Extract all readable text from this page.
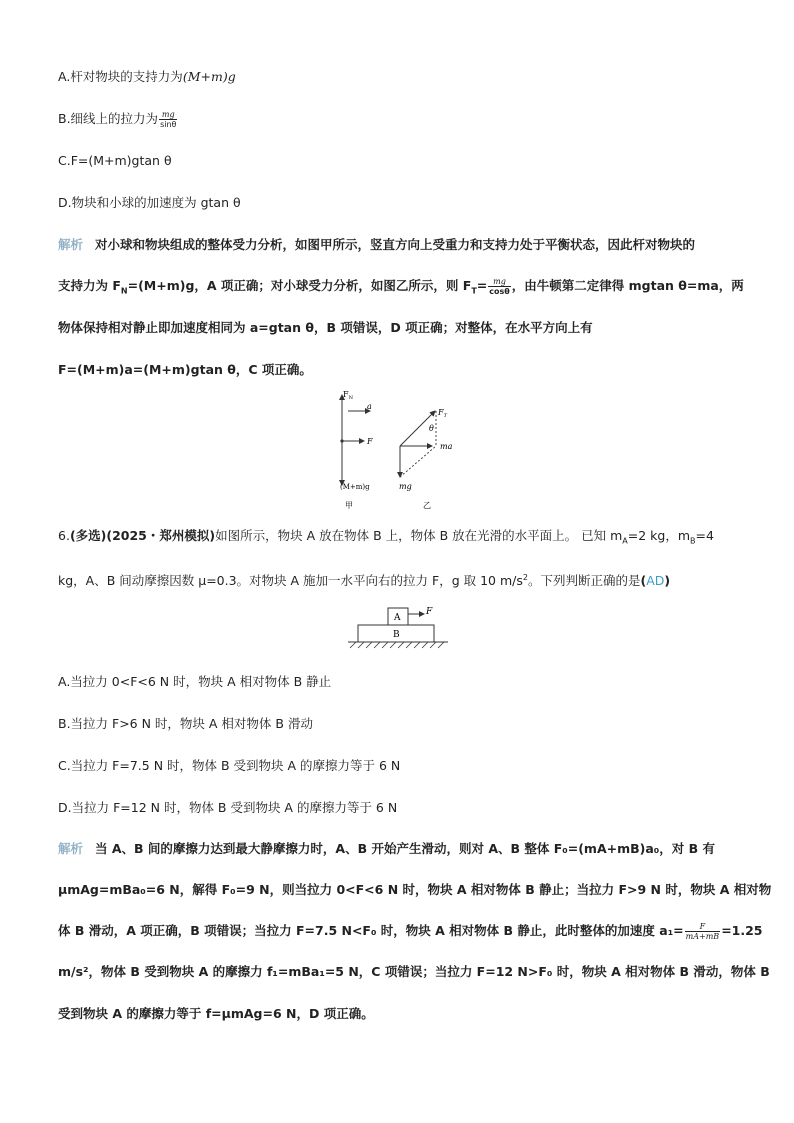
A.杆对物块的支持力为(M+m)g
B.细线上的拉力为 $\frac{mg}{\sin\theta}$
C.F=(M+m)gtan θ
D.物块和小球的加速度为 gtan θ
解析 对小球和物块组成的整体受力分析，如图甲所示，竖直方向上受重力和支持力处于平衡状态，因此杆对物块的
支持力为 $F_N=(M+m)g$，A 项正确；对小球受力分析，如图乙所示，则 $F_T= \frac{mg}{\cos\theta}$ ，由牛顿第二定律得 mgtan θ=ma，两
物体保持相对静止即加速度相同为 a=gtan θ，B 项错误，D 项正确；对整体，在水平方向上有
F=(M+m)a=(M+m)gtan θ，C 项正确。
$F_N$
a
F
(M+m)g
甲
$F_T$
θ
ma
mg
乙
6.(多选)(2025・郑州模拟)如图所示，物块 A 放在物体 B 上，物体 B 放在光滑的水平面上。 已知 $m_A=2$ kg，$m_B=4$
kg，A、B 间动摩擦因数 μ=0.3。对物块 A 施加一水平向右的拉力 F，g 取 10 $m/s^2$。下列判断正确的是(AD)
A
B
F
A.当拉力 0<F<6 N 时，物块 A 相对物体 B 静止
B.当拉力 F>6 N 时，物块 A 相对物体 B 滑动
C.当拉力 F=7.5 N 时，物体 B 受到物块 A 的摩擦力等于 6 N
D.当拉力 F=12 N 时，物体 B 受到物块 A 的摩擦力等于 6 N
解析 当 A、B 间的摩擦力达到最大静摩擦力时，A、B 开始产生滑动，则对 A、B 整体 F₀=(mA+mB)a₀，对 B 有
μmAg=mBa₀=6 N，解得 F₀=9 N，则当拉力 0<F<6 N 时，物块 A 相对物体 B 静止；当拉力 F>9 N 时，物块 A 相对物
体 B 滑动，A 项正确，B 项错误；当拉力 F=7.5 N<F₀ 时，物块 A 相对物体 B 静止，此时整体的加速度 $a_1= \frac{F}{mA+mB} =1.25$
m/s²，物体 B 受到物块 A 的摩擦力 f₁=mBa₁=5 N，C 项错误；当拉力 F=12 N>F₀ 时，物块 A 相对物体 B 滑动，物体 B
受到物块 A 的摩擦力等于 f=μmAg=6 N，D 项正确。
